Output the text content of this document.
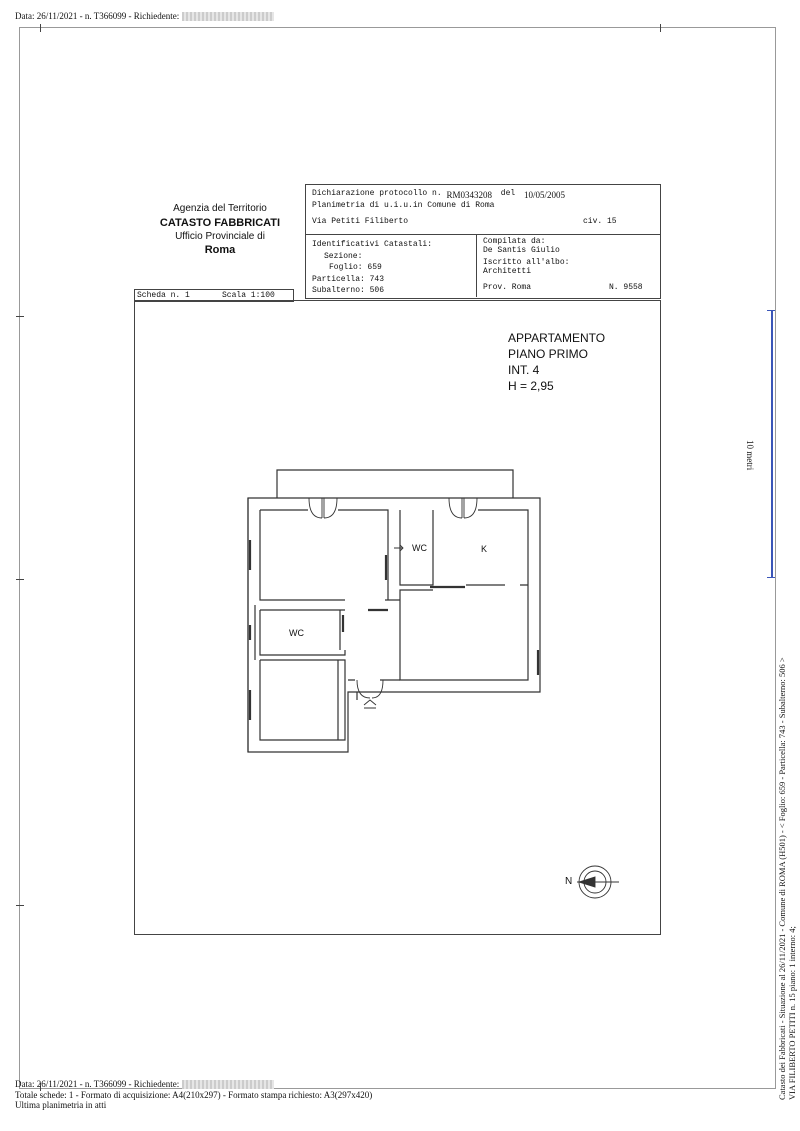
Data: 26/11/2021 - n. T366099 - Richiedente:
Agenzia del Territorio
CATASTO FABBRICATI
Ufficio Provinciale di
Roma
Dichiarazione protocollo n. RM0343208 del 10/05/2005
Planimetria di u.i.u.in Comune di Roma
Via Petiti Filiberto	civ. 15
Identificativi Catastali:
Sezione:
Foglio: 659
Particella: 743
Subalterno: 506
Compilata da:
De Santis Giulio
Iscritto all'albo:
Architetti
Prov. Roma	N. 9558
Scheda n. 1	Scala 1:100
APPARTAMENTO
PIANO PRIMO
INT. 4
H = 2,95
WC	K
WC
N
10 metri
Catasto dei Fabbricati - Situazione al 26/11/2021 - Comune di ROMA (H501) - < Foglio: 659 - Particella: 743 - Subalterno: 506 > VIA FILIBERTO PETITI n. 15 piano: 1 interno: 4;
Data: 26/11/2021 - n. T366099 - Richiedente:
Totale schede: 1 - Formato di acquisizione: A4(210x297) - Formato stampa richiesto: A3(297x420)
Ultima planimetria in atti
